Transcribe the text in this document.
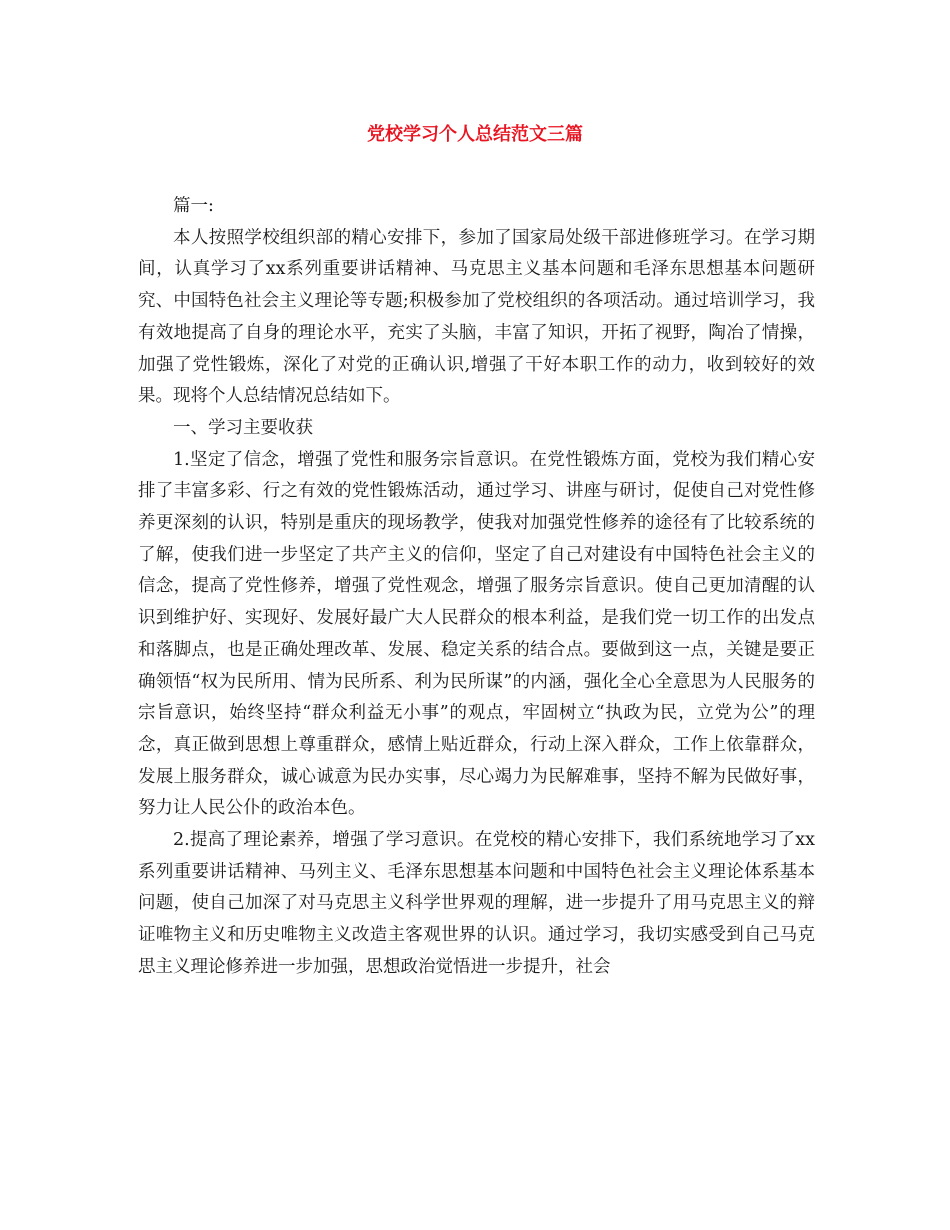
党校学习个人总结范文三篇

篇一:

本人按照学校组织部的精心安排下，参加了国家局处级干部进修班学习。在学习期间，认真学习了xx系列重要讲话精神、马克思主义基本问题和毛泽东思想基本问题研究、中国特色社会主义理论等专题;积极参加了党校组织的各项活动。通过培训学习，我有效地提高了自身的理论水平，充实了头脑，丰富了知识，开拓了视野，陶冶了情操，加强了党性锻炼，深化了对党的正确认识,增强了干好本职工作的动力，收到较好的效果。现将个人总结情况总结如下。

一、学习主要收获

1.坚定了信念，增强了党性和服务宗旨意识。在党性锻炼方面，党校为我们精心安排了丰富多彩、行之有效的党性锻炼活动，通过学习、讲座与研讨，促使自己对党性修养更深刻的认识，特别是重庆的现场教学，使我对加强党性修养的途径有了比较系统的了解，使我们进一步坚定了共产主义的信仰，坚定了自己对建设有中国特色社会主义的信念，提高了党性修养，增强了党性观念，增强了服务宗旨意识。使自己更加清醒的认识到维护好、实现好、发展好最广大人民群众的根本利益，是我们党一切工作的出发点和落脚点，也是正确处理改革、发展、稳定关系的结合点。要做到这一点，关键是要正确领悟“权为民所用、情为民所系、利为民所谋”的内涵，强化全心全意思为人民服务的宗旨意识，始终坚持“群众利益无小事”的观点，牢固树立“执政为民，立党为公”的理念，真正做到思想上尊重群众，感情上贴近群众，行动上深入群众，工作上依靠群众，发展上服务群众，诚心诚意为民办实事，尽心竭力为民解难事，坚持不解为民做好事，努力让人民公仆的政治本色。

2.提高了理论素养，增强了学习意识。在党校的精心安排下，我们系统地学习了xx系列重要讲话精神、马列主义、毛泽东思想基本问题和中国特色社会主义理论体系基本问题，使自己加深了对马克思主义科学世界观的理解，进一步提升了用马克思主义的辩证唯物主义和历史唯物主义改造主客观世界的认识。通过学习，我切实感受到自己马克思主义理论修养进一步加强，思想政治觉悟进一步提升，社会
